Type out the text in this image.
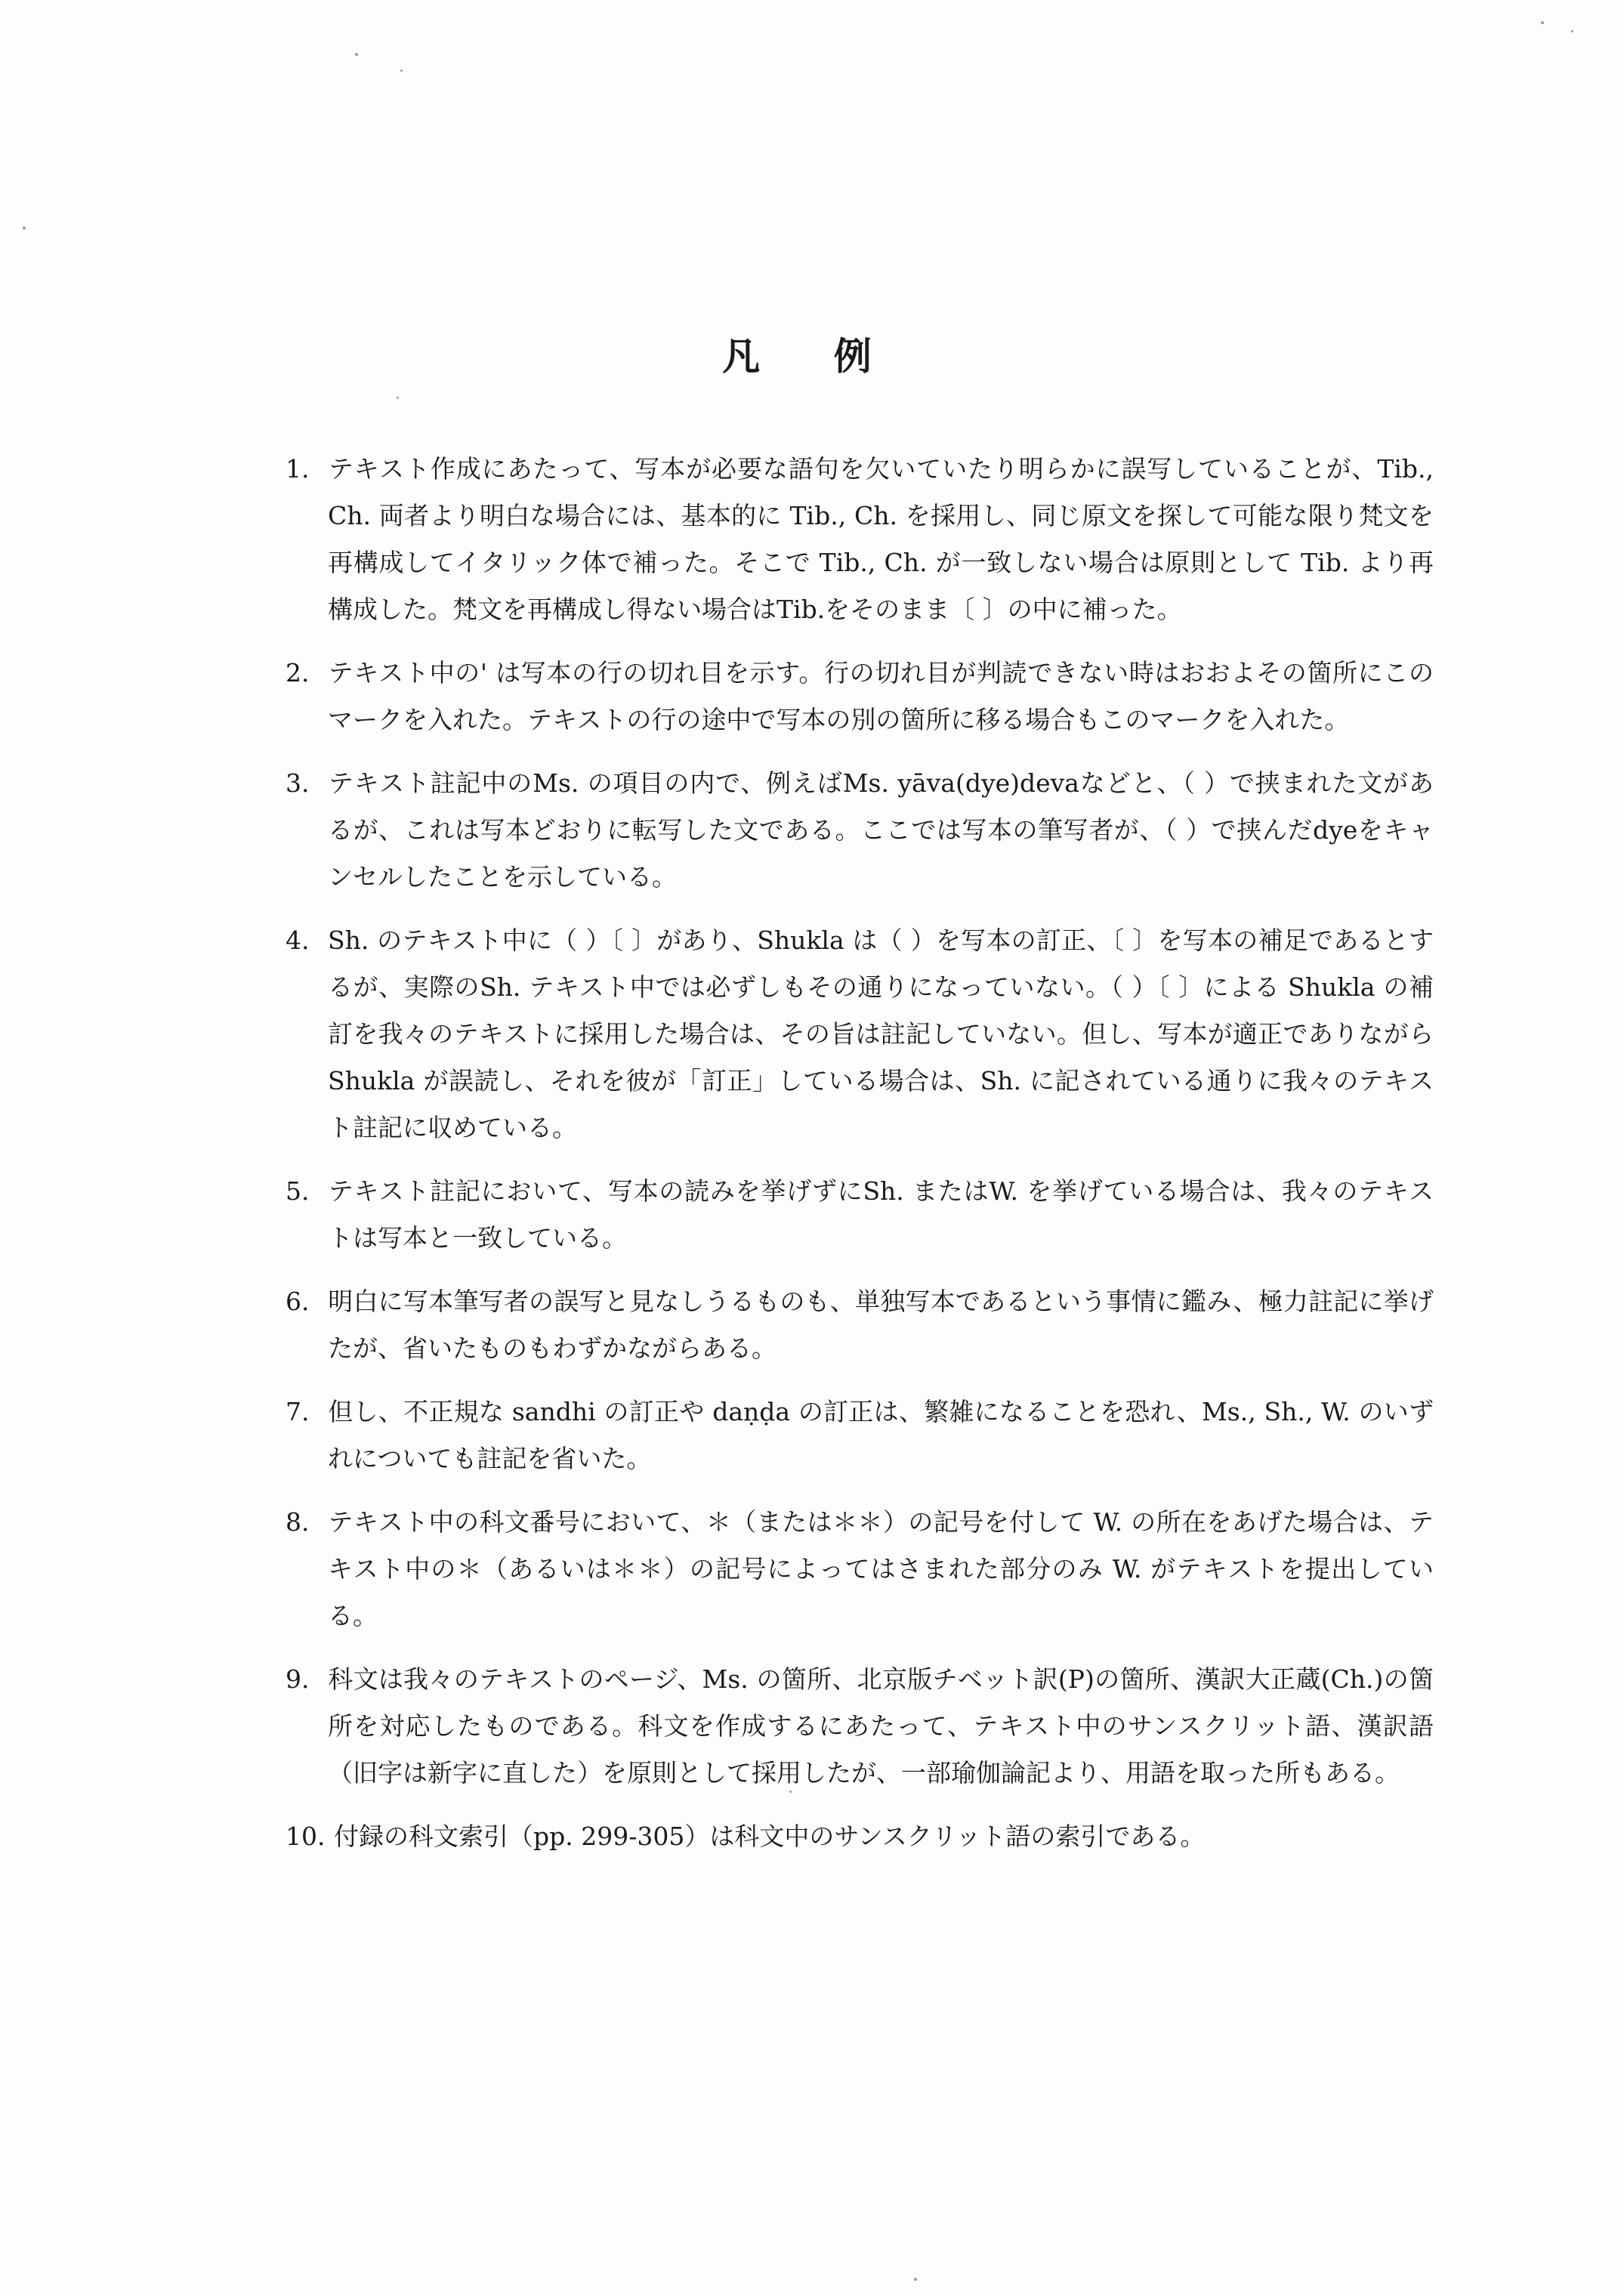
凡 例
1. テキスト作成にあたって、写本が必要な語句を欠いていたり明らかに誤写していることが、Tib., Ch. 両者より明白な場合には、基本的に Tib., Ch. を採用し、同じ原文を探して可能な限り梵文を再構成してイタリック体で補った。そこで Tib., Ch. が一致しない場合は原則として Tib. より再構成した。梵文を再構成し得ない場合はTib.をそのまま〔 〕の中に補った。
2. テキスト中の' は写本の行の切れ目を示す。行の切れ目が判読できない時はおおよその箇所にこのマークを入れた。テキストの行の途中で写本の別の箇所に移る場合もこのマークを入れた。
3. テキスト註記中のMs. の項目の内で、例えばMs. yāva(dye)devaなどと、（ ）で挟まれた文があるが、これは写本どおりに転写した文である。ここでは写本の筆写者が、（ ）で挟んだdyeをキャンセルしたことを示している。
4. Sh. のテキスト中に（ ）〔 〕があり、Shukla は（ ）を写本の訂正、〔 〕を写本の補足であるとするが、実際のSh. テキスト中では必ずしもその通りになっていない。（ ）〔 〕による Shukla の補訂を我々のテキストに採用した場合は、その旨は註記していない。但し、写本が適正でありながら Shukla が誤読し、それを彼が「訂正」している場合は、Sh. に記されている通りに我々のテキスト註記に収めている。
5. テキスト註記において、写本の読みを挙げずにSh. またはW. を挙げている場合は、我々のテキストは写本と一致している。
6. 明白に写本筆写者の誤写と見なしうるものも、単独写本であるという事情に鑑み、極力註記に挙げたが、省いたものもわずかながらある。
7. 但し、不正規な sandhi の訂正や daṇḍa の訂正は、繁雑になることを恐れ、Ms., Sh., W. のいずれについても註記を省いた。
8. テキスト中の科文番号において、＊（または＊＊）の記号を付して W. の所在をあげた場合は、テキスト中の＊（あるいは＊＊）の記号によってはさまれた部分のみ W. がテキストを提出している。
9. 科文は我々のテキストのページ、Ms. の箇所、北京版チベット訳(P)の箇所、漢訳大正蔵(Ch.)の箇所を対応したものである。科文を作成するにあたって、テキスト中のサンスクリット語、漢訳語（旧字は新字に直した）を原則として採用したが、一部瑜伽論記より、用語を取った所もある。
10. 付録の科文索引（pp. 299-305）は科文中のサンスクリット語の索引である。
